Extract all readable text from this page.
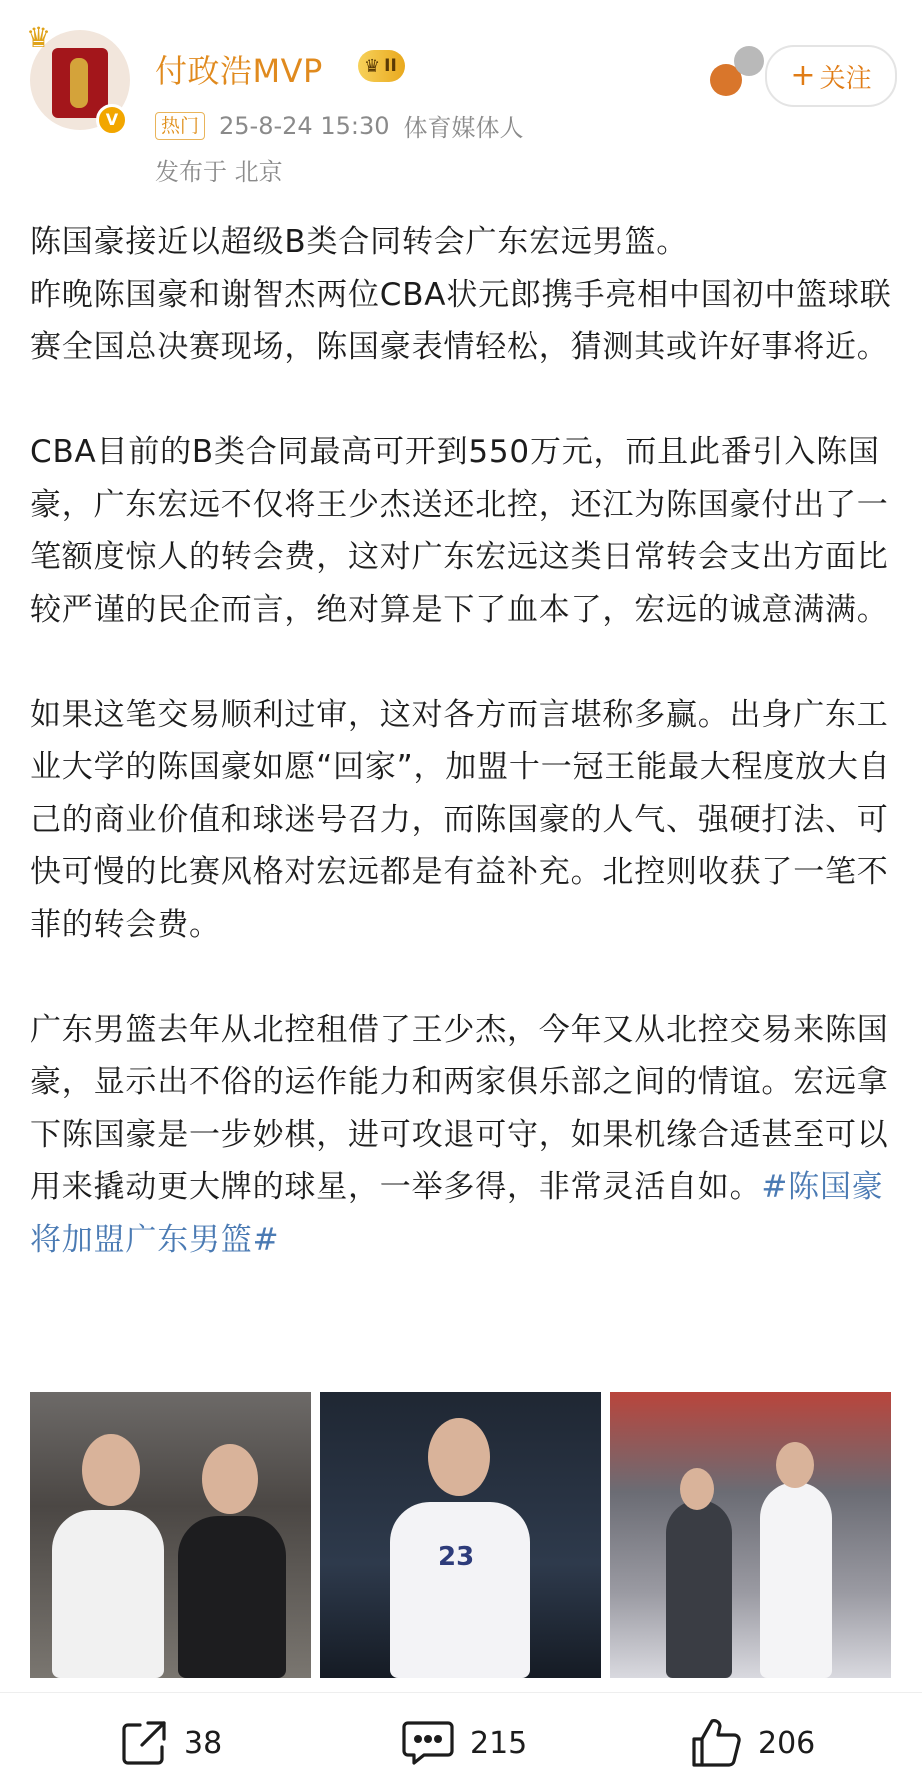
♛
V
付政浩MVP ♛ II
热门 25-8-24 15:30 体育媒体人
发布于 北京
+ 关注

陈国豪接近以超级B类合同转会广东宏远男篮。

昨晚陈国豪和谢智杰两位CBA状元郎携手亮相中国初中篮球联赛全国总决赛现场，陈国豪表情轻松，猜测其或许好事将近。

CBA目前的B类合同最高可开到550万元，而且此番引入陈国豪，广东宏远不仅将王少杰送还北控，还江为陈国豪付出了一笔额度惊人的转会费，这对广东宏远这类日常转会支出方面比较严谨的民企而言，绝对算是下了血本了，宏远的诚意满满。

如果这笔交易顺利过审，这对各方而言堪称多赢。出身广东工业大学的陈国豪如愿“回家”，加盟十一冠王能最大程度放大自己的商业价值和球迷号召力，而陈国豪的人气、强硬打法、可快可慢的比赛风格对宏远都是有益补充。北控则收获了一笔不菲的转会费。

广东男篮去年从北控租借了王少杰，今年又从北控交易来陈国豪，显示出不俗的运作能力和两家俱乐部之间的情谊。宏远拿下陈国豪是一步妙棋，进可攻退可守，如果机缘合适甚至可以用来撬动更大牌的球星，一举多得，非常灵活自如。#陈国豪将加盟广东男篮#

23
38	215	206
